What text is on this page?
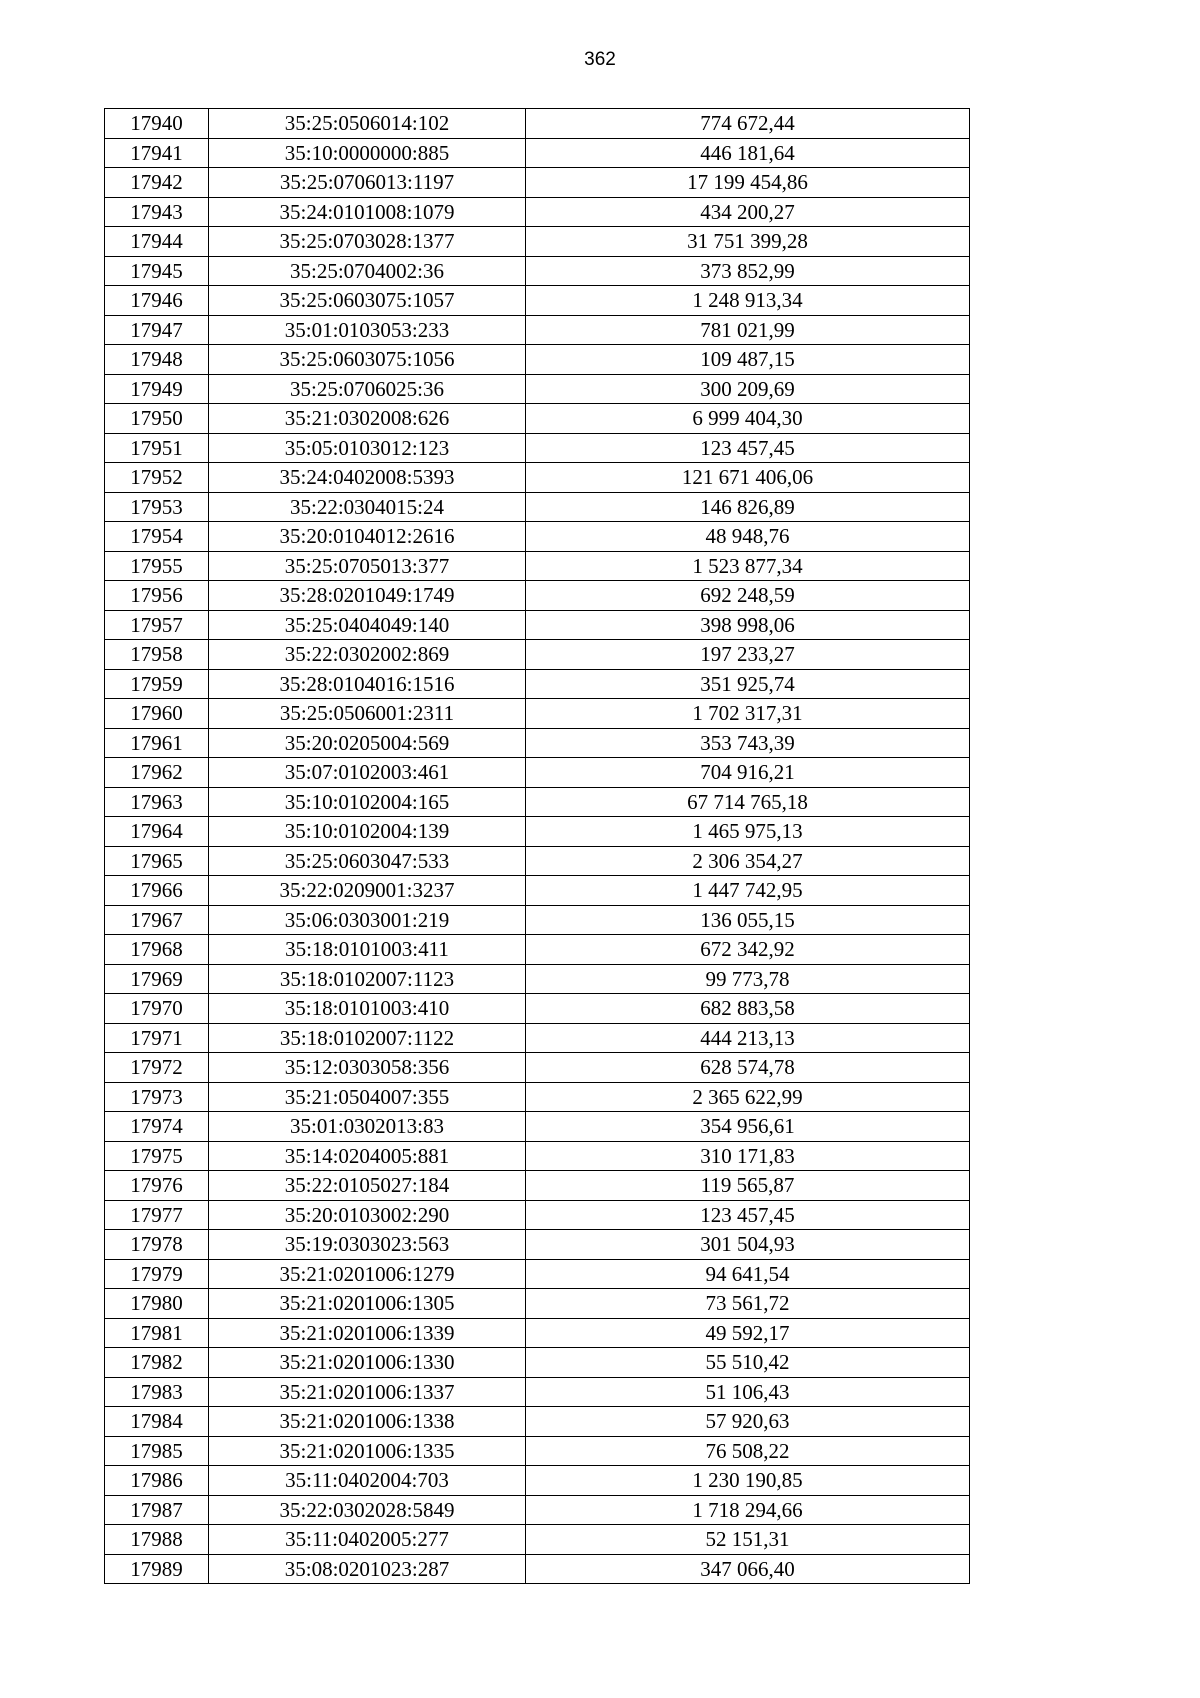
362
17940	35:25:0506014:102	774 672,44
17941	35:10:0000000:885	446 181,64
17942	35:25:0706013:1197	17 199 454,86
17943	35:24:0101008:1079	434 200,27
17944	35:25:0703028:1377	31 751 399,28
17945	35:25:0704002:36	373 852,99
17946	35:25:0603075:1057	1 248 913,34
17947	35:01:0103053:233	781 021,99
17948	35:25:0603075:1056	109 487,15
17949	35:25:0706025:36	300 209,69
17950	35:21:0302008:626	6 999 404,30
17951	35:05:0103012:123	123 457,45
17952	35:24:0402008:5393	121 671 406,06
17953	35:22:0304015:24	146 826,89
17954	35:20:0104012:2616	48 948,76
17955	35:25:0705013:377	1 523 877,34
17956	35:28:0201049:1749	692 248,59
17957	35:25:0404049:140	398 998,06
17958	35:22:0302002:869	197 233,27
17959	35:28:0104016:1516	351 925,74
17960	35:25:0506001:2311	1 702 317,31
17961	35:20:0205004:569	353 743,39
17962	35:07:0102003:461	704 916,21
17963	35:10:0102004:165	67 714 765,18
17964	35:10:0102004:139	1 465 975,13
17965	35:25:0603047:533	2 306 354,27
17966	35:22:0209001:3237	1 447 742,95
17967	35:06:0303001:219	136 055,15
17968	35:18:0101003:411	672 342,92
17969	35:18:0102007:1123	99 773,78
17970	35:18:0101003:410	682 883,58
17971	35:18:0102007:1122	444 213,13
17972	35:12:0303058:356	628 574,78
17973	35:21:0504007:355	2 365 622,99
17974	35:01:0302013:83	354 956,61
17975	35:14:0204005:881	310 171,83
17976	35:22:0105027:184	119 565,87
17977	35:20:0103002:290	123 457,45
17978	35:19:0303023:563	301 504,93
17979	35:21:0201006:1279	94 641,54
17980	35:21:0201006:1305	73 561,72
17981	35:21:0201006:1339	49 592,17
17982	35:21:0201006:1330	55 510,42
17983	35:21:0201006:1337	51 106,43
17984	35:21:0201006:1338	57 920,63
17985	35:21:0201006:1335	76 508,22
17986	35:11:0402004:703	1 230 190,85
17987	35:22:0302028:5849	1 718 294,66
17988	35:11:0402005:277	52 151,31
17989	35:08:0201023:287	347 066,40
